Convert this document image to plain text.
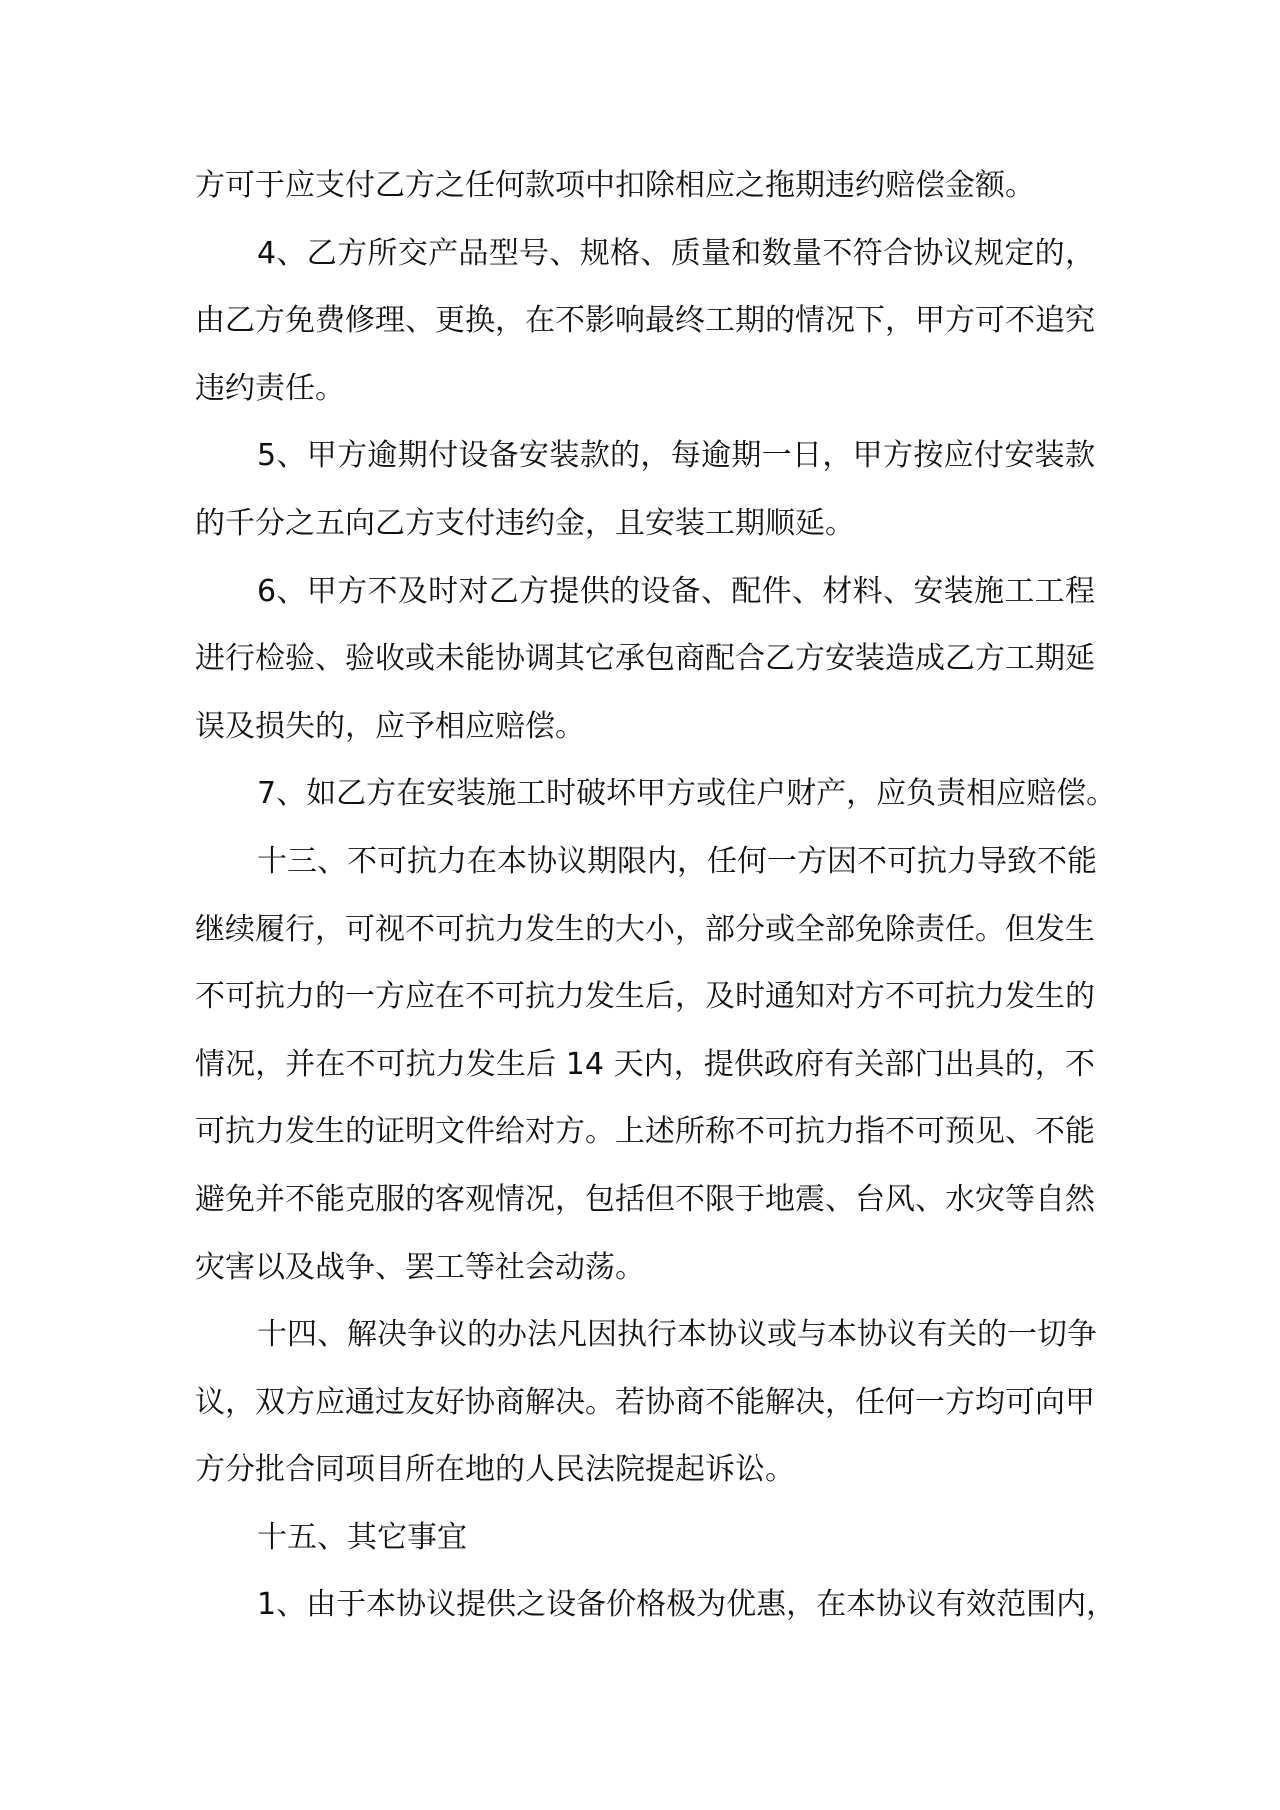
方可于应支付乙方之任何款项中扣除相应之拖期违约赔偿金额。
4、乙方所交产品型号、规格、质量和数量不符合协议规定的，
由乙方免费修理、更换，在不影响最终工期的情况下，甲方可不追究
违约责任。
5、甲方逾期付设备安装款的，每逾期一日，甲方按应付安装款
的千分之五向乙方支付违约金，且安装工期顺延。
6、甲方不及时对乙方提供的设备、配件、材料、安装施工工程
进行检验、验收或未能协调其它承包商配合乙方安装造成乙方工期延
误及损失的，应予相应赔偿。
7、如乙方在安装施工时破坏甲方或住户财产，应负责相应赔偿。
十三、不可抗力在本协议期限内，任何一方因不可抗力导致不能
继续履行，可视不可抗力发生的大小，部分或全部免除责任。但发生
不可抗力的一方应在不可抗力发生后，及时通知对方不可抗力发生的
情况，并在不可抗力发生后 14 天内，提供政府有关部门出具的，不
可抗力发生的证明文件给对方。上述所称不可抗力指不可预见、不能
避免并不能克服的客观情况，包括但不限于地震、台风、水灾等自然
灾害以及战争、罢工等社会动荡。
十四、解决争议的办法凡因执行本协议或与本协议有关的一切争
议，双方应通过友好协商解决。若协商不能解决，任何一方均可向甲
方分批合同项目所在地的人民法院提起诉讼。
十五、其它事宜
1、由于本协议提供之设备价格极为优惠，在本协议有效范围内，
